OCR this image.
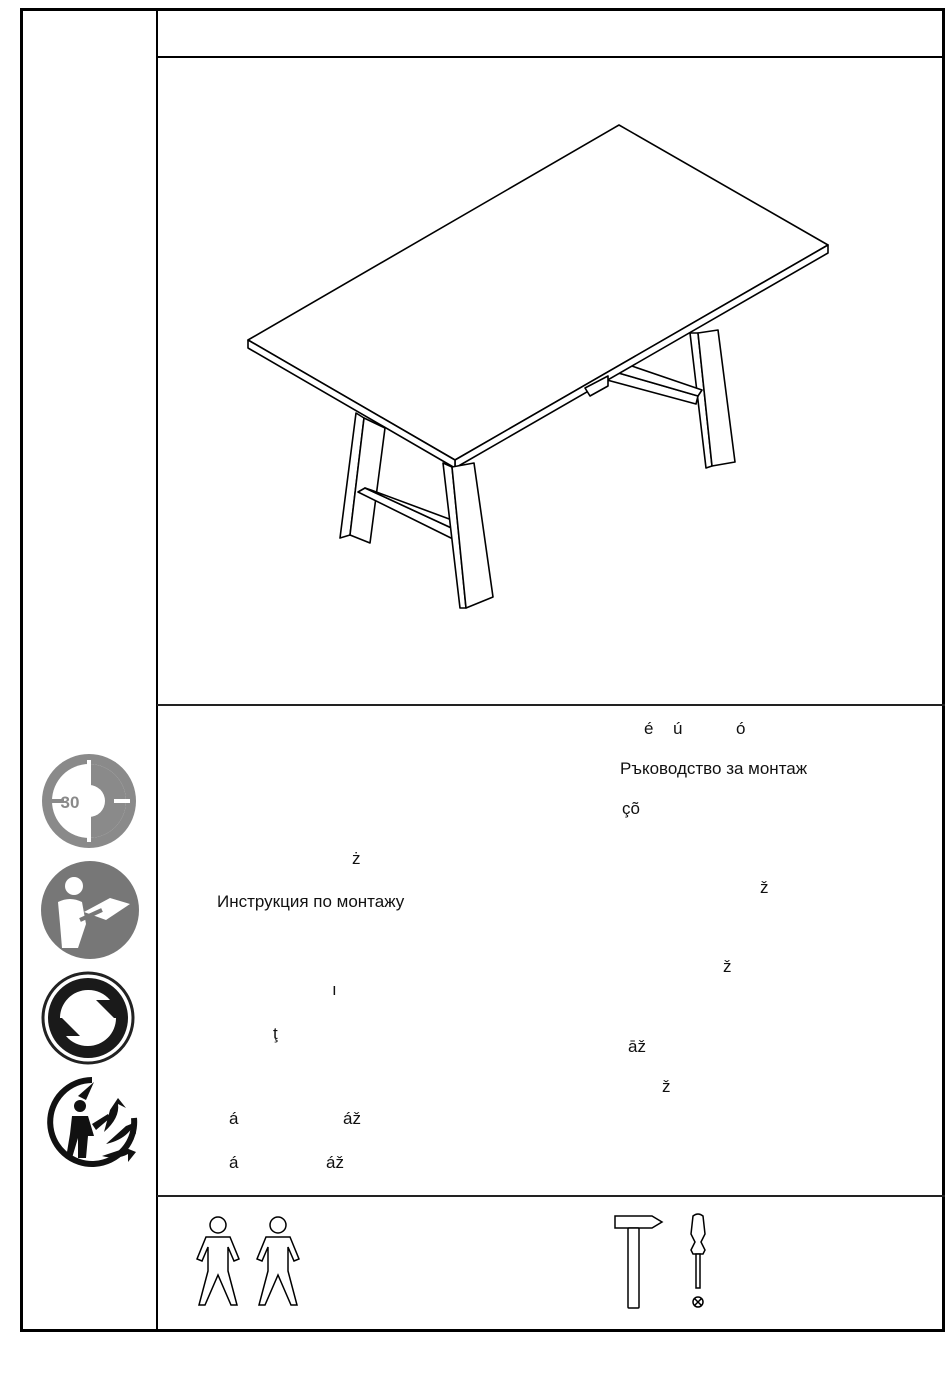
30
ż
Инструкция по монтажу
ı
ţ
á	áž
á	áž
é ú	ó
Ръководство за монтаж
çõ
ž
ž
āž
ž
